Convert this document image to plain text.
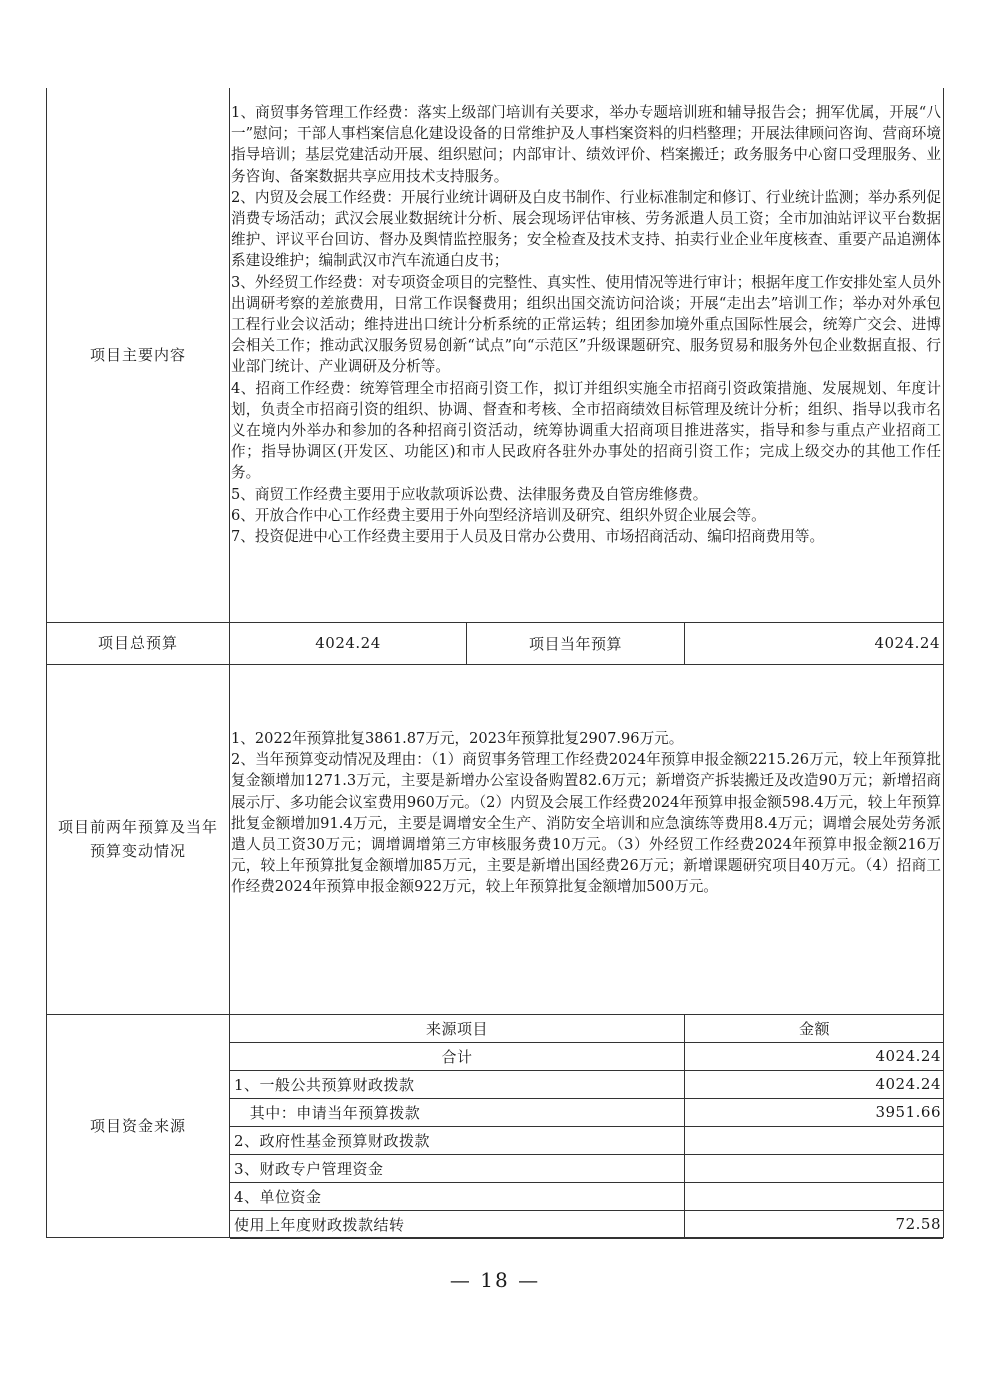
项目主要内容

1、商贸事务管理工作经费：落实上级部门培训有关要求，举办专题培训班和辅导报告会；拥军优属，开展“八一”慰问；干部人事档案信息化建设设备的日常维护及人事档案资料的归档整理；开展法律顾问咨询、营商环境指导培训；基层党建活动开展、组织慰问；内部审计、绩效评价、档案搬迁；政务服务中心窗口受理服务、业务咨询、备案数据共享应用技术支持服务。

2、内贸及会展工作经费：开展行业统计调研及白皮书制作、行业标准制定和修订、行业统计监测；举办系列促消费专场活动；武汉会展业数据统计分析、展会现场评估审核、劳务派遣人员工资；全市加油站评议平台数据维护、评议平台回访、督办及舆情监控服务；安全检查及技术支持、拍卖行业企业年度核查、重要产品追溯体系建设维护；编制武汉市汽车流通白皮书；

3、外经贸工作经费：对专项资金项目的完整性、真实性、使用情况等进行审计；根据年度工作安排处室人员外出调研考察的差旅费用，日常工作误餐费用；组织出国交流访问洽谈；开展“走出去”培训工作；举办对外承包工程行业会议活动；维持进出口统计分析系统的正常运转；组团参加境外重点国际性展会，统筹广交会、进博会相关工作；推动武汉服务贸易创新“试点”向“示范区”升级课题研究、服务贸易和服务外包企业数据直报、行业部门统计、产业调研及分析等。

4、招商工作经费：统筹管理全市招商引资工作，拟订并组织实施全市招商引资政策措施、发展规划、年度计划，负责全市招商引资的组织、协调、督查和考核、全市招商绩效目标管理及统计分析；组织、指导以我市名义在境内外举办和参加的各种招商引资活动，统筹协调重大招商项目推进落实，指导和参与重点产业招商工作；指导协调区(开发区、功能区)和市人民政府各驻外办事处的招商引资工作；完成上级交办的其他工作任务。

5、商贸工作经费主要用于应收款项诉讼费、法律服务费及自管房维修费。

6、开放合作中心工作经费主要用于外向型经济培训及研究、组织外贸企业展会等。

7、投资促进中心工作经费主要用于人员及日常办公费用、市场招商活动、编印招商费用等。

项目总预算	4024.24	项目当年预算	4024.24
项目前两年预算及当年
预算变动情况

1、2022年预算批复3861.87万元，2023年预算批复2907.96万元。

2、当年预算变动情况及理由：（1）商贸事务管理工作经费2024年预算申报金额2215.26万元，较上年预算批复金额增加1271.3万元，主要是新增办公室设备购置82.6万元；新增资产拆装搬迁及改造90万元；新增招商展示厅、多功能会议室费用960万元。（2）内贸及会展工作经费2024年预算申报金额598.4万元，较上年预算批复金额增加91.4万元，主要是调增安全生产、消防安全培训和应急演练等费用8.4万元；调增会展处劳务派遣人员工资30万元；调增调增第三方审核服务费10万元。（3）外经贸工作经费2024年预算申报金额216万元，较上年预算批复金额增加85万元，主要是新增出国经费26万元；新增课题研究项目40万元。（4）招商工作经费2024年预算申报金额922万元，较上年预算批复金额增加500万元。

项目资金来源
来源项目	金额
合计	4024.24
1、一般公共预算财政拨款	4024.24
其中：申请当年预算拨款	3951.66
2、政府性基金预算财政拨款
3、财政专户管理资金
4、单位资金
使用上年度财政拨款结转	72.58
— 18 —
